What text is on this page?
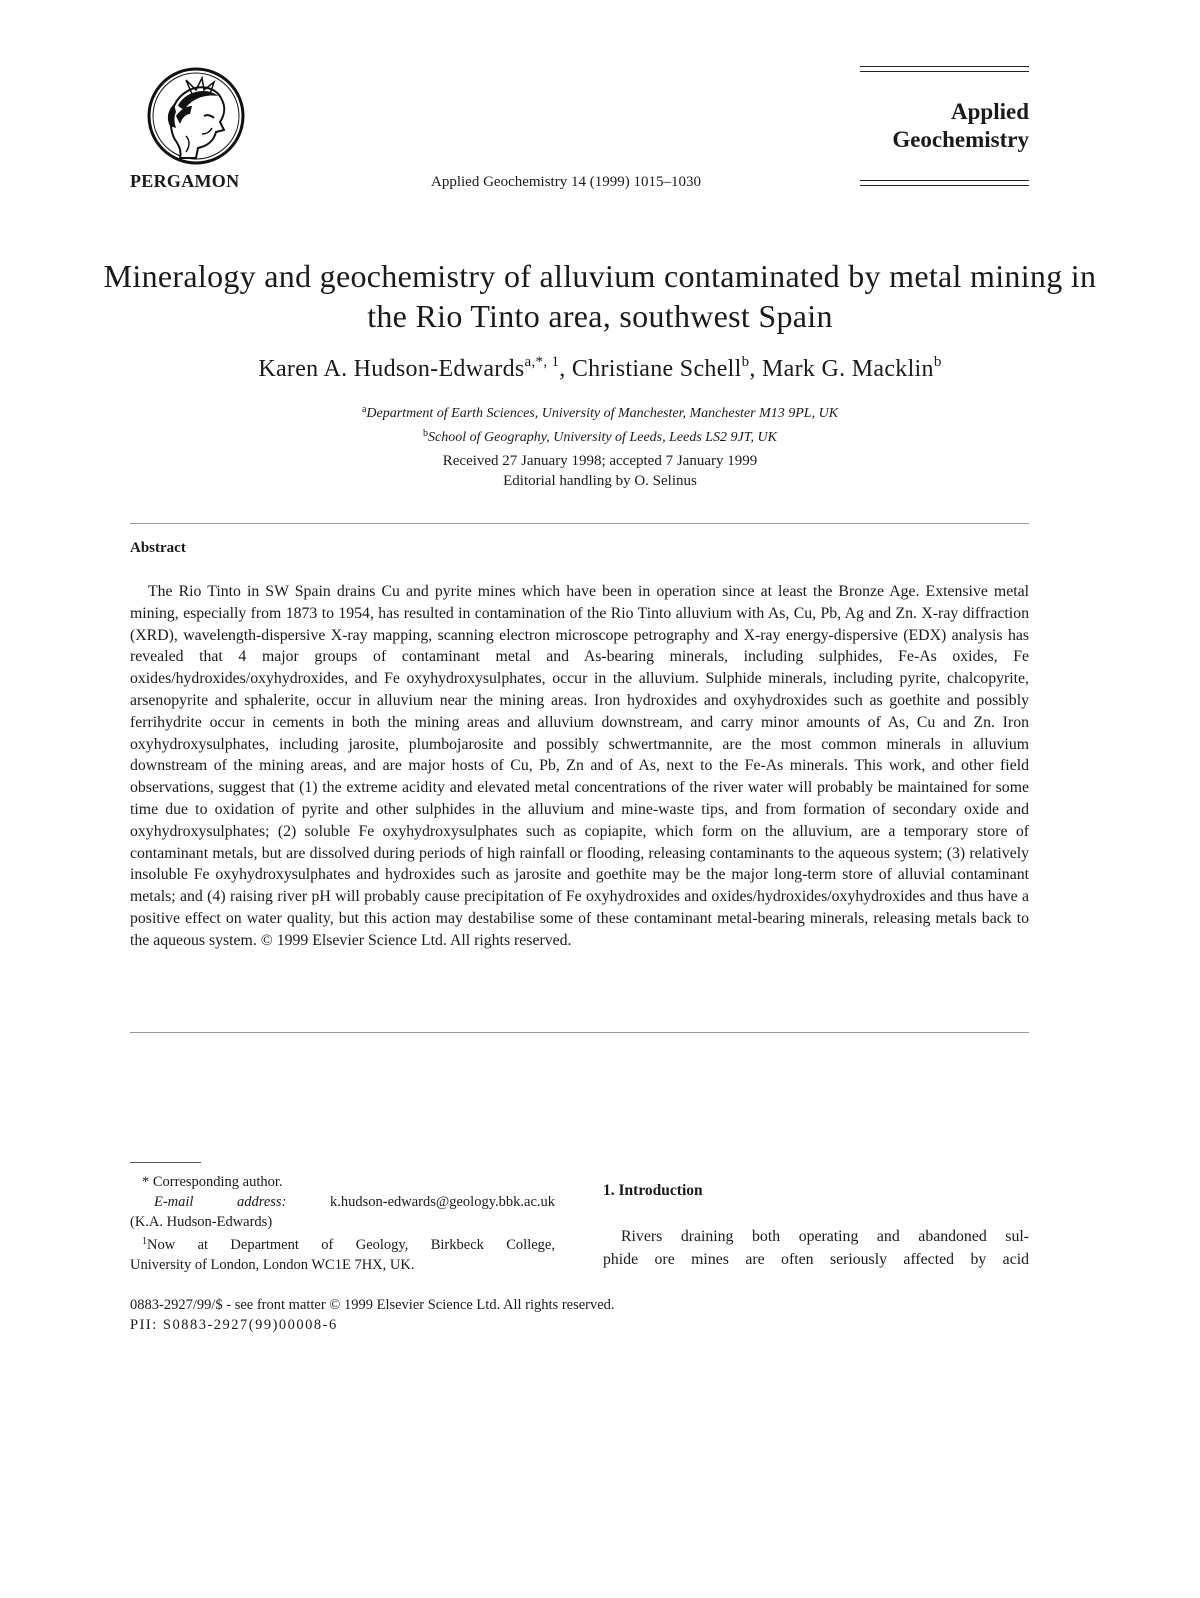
PERGAMON	Applied Geochemistry 14 (1999) 1015–1030
Applied
Geochemistry
Mineralogy and geochemistry of alluvium contaminated by metal mining in the Rio Tinto area, southwest Spain
Karen A. Hudson-Edwards$^{a,*, 1}$, Christiane Schell$^b$, Mark G. Macklin$^b$
$^a$Department of Earth Sciences, University of Manchester, Manchester M13 9PL, UK
$^b$School of Geography, University of Leeds, Leeds LS2 9JT, UK
Received 27 January 1998; accepted 7 January 1999
Editorial handling by O. Selinus
Abstract
The Rio Tinto in SW Spain drains Cu and pyrite mines which have been in operation since at least the Bronze Age. Extensive metal mining, especially from 1873 to 1954, has resulted in contamination of the Rio Tinto alluvium with As, Cu, Pb, Ag and Zn. X-ray diffraction (XRD), wavelength-dispersive X-ray mapping, scanning electron microscope petrography and X-ray energy-dispersive (EDX) analysis has revealed that 4 major groups of contaminant metal and As-bearing minerals, including sulphides, Fe-As oxides, Fe oxides/hydroxides/oxyhydroxides, and Fe oxyhydroxysulphates, occur in the alluvium. Sulphide minerals, including pyrite, chalcopyrite, arsenopyrite and sphalerite, occur in alluvium near the mining areas. Iron hydroxides and oxyhydroxides such as goethite and possibly ferrihydrite occur in cements in both the mining areas and alluvium downstream, and carry minor amounts of As, Cu and Zn. Iron oxyhydroxysulphates, including jarosite, plumbojarosite and possibly schwertmannite, are the most common minerals in alluvium downstream of the mining areas, and are major hosts of Cu, Pb, Zn and of As, next to the Fe-As minerals. This work, and other field observations, suggest that (1) the extreme acidity and elevated metal concentrations of the river water will probably be maintained for some time due to oxidation of pyrite and other sulphides in the alluvium and mine-waste tips, and from formation of secondary oxide and oxyhydroxysulphates; (2) soluble Fe oxyhydroxysulphates such as copiapite, which form on the alluvium, are a temporary store of contaminant metals, but are dissolved during periods of high rainfall or flooding, releasing contaminants to the aqueous system; (3) relatively insoluble Fe oxyhydroxysulphates and hydroxides such as jarosite and goethite may be the major long-term store of alluvial contaminant metals; and (4) raising river pH will probably cause precipitation of Fe oxyhydroxides and oxides/hydroxides/oxyhydroxides and thus have a positive effect on water quality, but this action may destabilise some of these contaminant metal-bearing minerals, releasing metals back to the aqueous system. © 1999 Elsevier Science Ltd. All rights reserved.
* Corresponding author.
E-mail address:	k.hudson-edwards@geology.bbk.ac.uk
(K.A. Hudson-Edwards)
$^1$Now at Department of Geology, Birkbeck College,
University of London, London WC1E 7HX, UK.
1. Introduction
Rivers draining both operating and abandoned sul-
phide ore mines are often seriously affected by acid
0883-2927/99/$ - see front matter © 1999 Elsevier Science Ltd. All rights reserved.
PII: S0883-2927(99)00008-6
